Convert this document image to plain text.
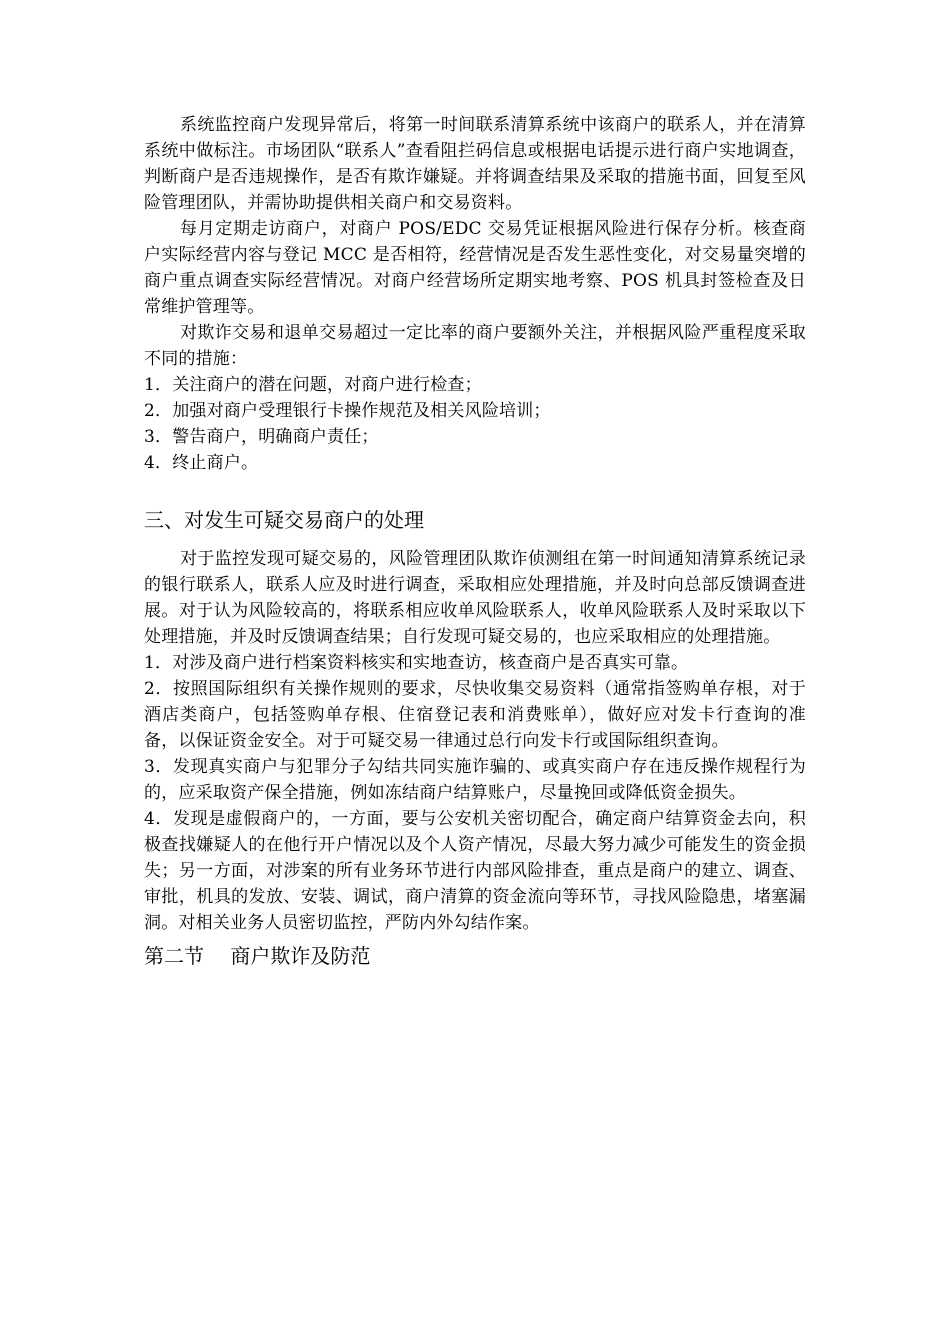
系统监控商户发现异常后，将第一时间联系清算系统中该商户的联系人，并在清算系统中做标注。市场团队“联系人”查看阻拦码信息或根据电话提示进行商户实地调查，判断商户是否违规操作，是否有欺诈嫌疑。并将调查结果及采取的措施书面，回复至风险管理团队，并需协助提供相关商户和交易资料。

每月定期走访商户，对商户 POS/EDC 交易凭证根据风险进行保存分析。核查商户实际经营内容与登记 MCC 是否相符，经营情况是否发生恶性变化，对交易量突增的商户重点调查实际经营情况。对商户经营场所定期实地考察、POS 机具封签检查及日常维护管理等。

对欺诈交易和退单交易超过一定比率的商户要额外关注，并根据风险严重程度采取不同的措施：

1．关注商户的潜在问题，对商户进行检查；

2．加强对商户受理银行卡操作规范及相关风险培训；

3．警告商户，明确商户责任；

4．终止商户。

三、对发生可疑交易商户的处理

对于监控发现可疑交易的，风险管理团队欺诈侦测组在第一时间通知清算系统记录的银行联系人，联系人应及时进行调查，采取相应处理措施，并及时向总部反馈调查进展。对于认为风险较高的，将联系相应收单风险联系人，收单风险联系人及时采取以下处理措施，并及时反馈调查结果；自行发现可疑交易的，也应采取相应的处理措施。

1．对涉及商户进行档案资料核实和实地查访，核查商户是否真实可靠。

2．按照国际组织有关操作规则的要求，尽快收集交易资料（通常指签购单存根，对于酒店类商户，包括签购单存根、住宿登记表和消费账单），做好应对发卡行查询的准备，以保证资金安全。对于可疑交易一律通过总行向发卡行或国际组织查询。

3．发现真实商户与犯罪分子勾结共同实施诈骗的、或真实商户存在违反操作规程行为的，应采取资产保全措施，例如冻结商户结算账户，尽量挽回或降低资金损失。

4．发现是虚假商户的，一方面，要与公安机关密切配合，确定商户结算资金去向，积极查找嫌疑人的在他行开户情况以及个人资产情况，尽最大努力减少可能发生的资金损失；另一方面，对涉案的所有业务环节进行内部风险排查，重点是商户的建立、调查、审批，机具的发放、安装、调试，商户清算的资金流向等环节，寻找风险隐患，堵塞漏洞。对相关业务人员密切监控，严防内外勾结作案。

第二节　 商户欺诈及防范
